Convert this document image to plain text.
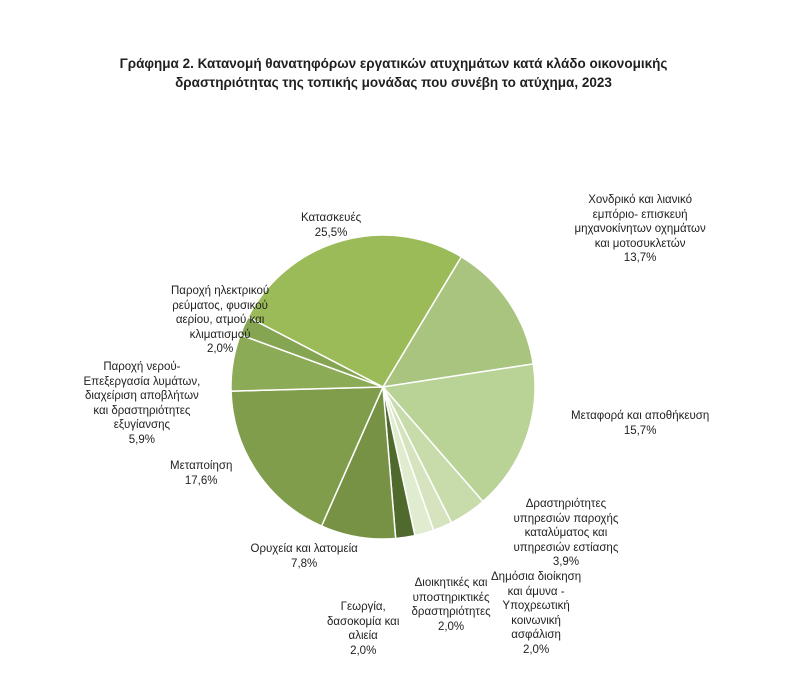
Γράφημα 2. Κατανομή θανατηφόρων εργατικών ατυχημάτων κατά κλάδο οικονομικής
δραστηριότητας της τοπικής μονάδας που συνέβη το ατύχημα, 2023
Χονδρικό και λιανικό
εμπόριο- επισκευή
μηχανοκίνητων οχημάτων
και μοτοσυκλετών
13,7%
Μεταφορά και αποθήκευση
15,7%
Δραστηριότητες
υπηρεσιών παροχής
καταλύματος και
υπηρεσιών εστίασης
3,9%
Δημόσια διοίκηση
και άμυνα -
Υποχρεωτική
κοινωνική
ασφάλιση
2,0%
Διοικητικές και
υποστηρικτικές
δραστηριότητες
2,0%
Γεωργία,
δασοκομία και
αλιεία
2,0%
Ορυχεία και λατομεία
7,8%
Μεταποίηση
17,6%
Παροχή νερού-
Επεξεργασία λυμάτων,
διαχείριση αποβλήτων
και δραστηριότητες
εξυγίανσης
5,9%
Παροχή ηλεκτρικού
ρεύματος, φυσικού
αερίου, ατμού και
κλιματισμού
2,0%
Κατασκευές
25,5%
